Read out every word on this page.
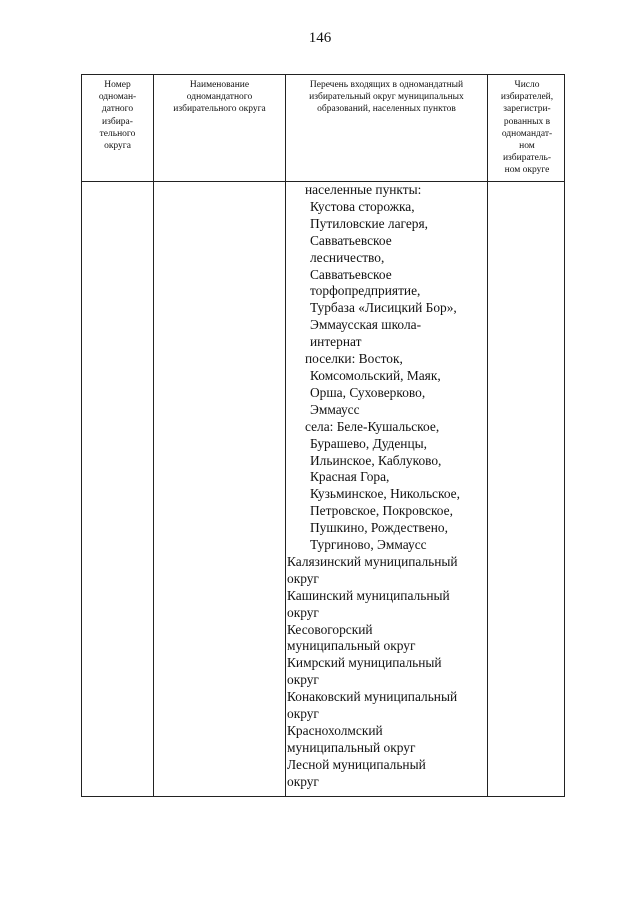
146
Номер
одноман-
датного
избира-
тельного
округа
Наименование
одномандатного
избирательного округа
Перечень входящих в одномандатный
избирательный округ муниципальных
образований, населенных пунктов
Число
избирателей,
зарегистри-
рованных в
одномандат-
ном
избиратель-
ном округе
населенные пункты:
Кустова сторожка,
Путиловские лагеря,
Савватьевское
лесничество,
Савватьевское
торфопредприятие,
Турбаза «Лисицкий Бор»,
Эммаусская школа-
интернат
поселки: Восток,
Комсомольский, Маяк,
Орша, Суховерково,
Эммаусс
села: Беле-Кушальское,
Бурашево, Дуденцы,
Ильинское, Каблуково,
Красная Гора,
Кузьминское, Никольское,
Петровское, Покровское,
Пушкино, Рождествено,
Тургиново, Эммаусс
Калязинский муниципальный
округ
Кашинский муниципальный
округ
Кесовогорский
муниципальный округ
Кимрский муниципальный
округ
Конаковский муниципальный
округ
Краснохолмский
муниципальный округ
Лесной муниципальный
округ
